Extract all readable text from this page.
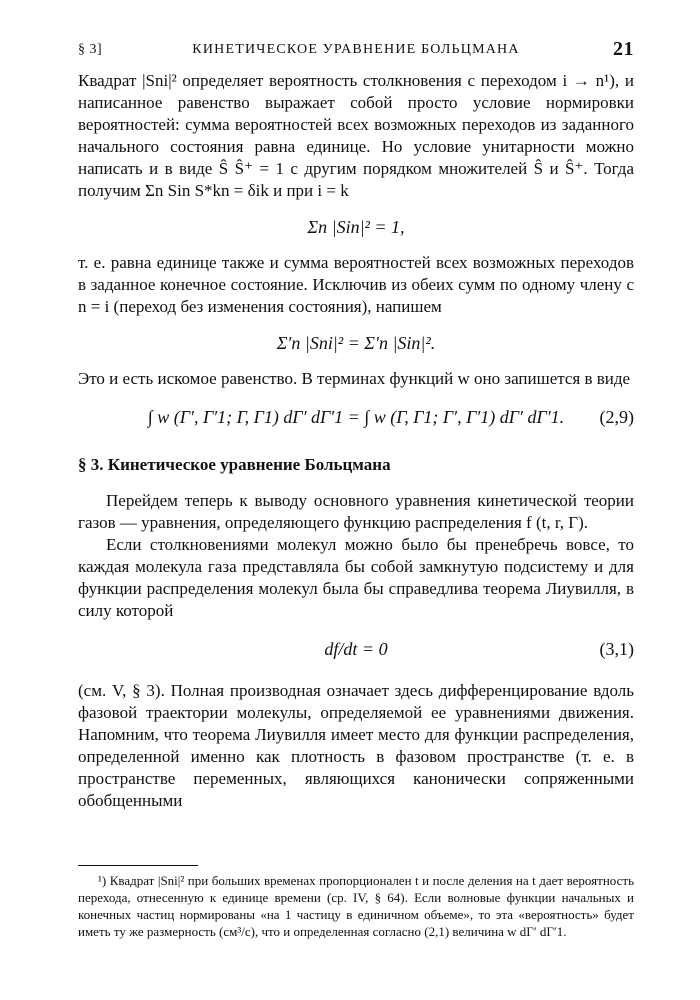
§ 3]	КИНЕТИЧЕСКОЕ УРАВНЕНИЕ БОЛЬЦМАНА	21

Квадрат |Sni|² определяет вероятность столкновения с переходом i → n¹), и написанное равенство выражает собой просто условие нормировки вероятностей: сумма вероятностей всех возможных переходов из заданного начального состояния равна единице. Но условие унитарности можно написать и в виде Ŝ Ŝ⁺ = 1 с другим порядком множителей Ŝ и Ŝ⁺. Тогда получим Σn Sin S*kn = δik и при i = k

Σn |Sin|² = 1,

т. е. равна единице также и сумма вероятностей всех возможных переходов в заданное конечное состояние. Исключив из обеих сумм по одному члену с n = i (переход без изменения состояния), напишем

Σ′n |Sni|² = Σ′n |Sin|².

Это и есть искомое равенство. В терминах функций w оно запишется в виде

∫ w (Γ′, Γ′1; Γ, Γ1) dΓ′ dΓ′1 = ∫ w (Γ, Γ1; Γ′, Γ′1) dΓ′ dΓ′1.	(2,9)
§ 3. Кинетическое уравнение Больцмана

Перейдем теперь к выводу основного уравнения кинетической теории газов — уравнения, определяющего функцию распределения f (t, r, Γ).

Если столкновениями молекул можно было бы пренебречь вовсе, то каждая молекула газа представляла бы собой замкнутую подсистему и для функции распределения молекул была бы справедлива теорема Лиувилля, в силу которой

df/dt = 0	(3,1)

(см. V, § 3). Полная производная означает здесь дифференцирование вдоль фазовой траектории молекулы, определяемой ее уравнениями движения. Напомним, что теорема Лиувилля имеет место для функции распределения, определенной именно как плотность в фазовом пространстве (т. е. в пространстве переменных, являющихся канонически сопряженными обобщенными

¹) Квадрат |Sni|² при больших временах пропорционален t и после деления на t дает вероятность перехода, отнесенную к единице времени (ср. IV, § 64). Если волновые функции начальных и конечных частиц нормированы «на 1 частицу в единичном объеме», то эта «вероятность» будет иметь ту же размерность (см³/с), что и определенная согласно (2,1) величина w dΓ′ dΓ′1.
